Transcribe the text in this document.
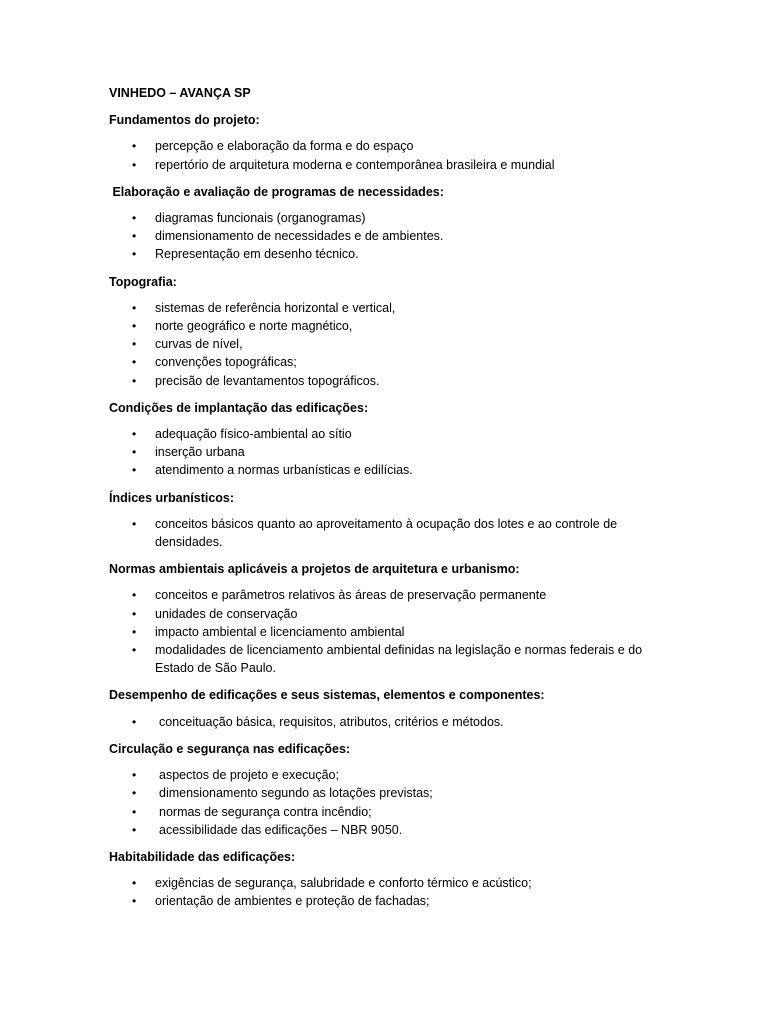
VINHEDO – AVANÇA SP
Fundamentos do projeto:
• percepção e elaboração da forma e do espaço
• repertório de arquitetura moderna e contemporânea brasileira e mundial
Elaboração e avaliação de programas de necessidades:
• diagramas funcionais (organogramas)
• dimensionamento de necessidades e de ambientes.
• Representação em desenho técnico.
Topografia:
• sistemas de referência horizontal e vertical,
• norte geográfico e norte magnético,
• curvas de nível,
• convenções topográficas;
• precisão de levantamentos topográficos.
Condições de implantação das edificações:
• adequação físico-ambiental ao sítio
• inserção urbana
• atendimento a normas urbanísticas e edilícias.
Índices urbanísticos:
• conceitos básicos quanto ao aproveitamento à ocupação dos lotes e ao controle de densidades.
Normas ambientais aplicáveis a projetos de arquitetura e urbanismo:
• conceitos e parâmetros relativos às áreas de preservação permanente
• unidades de conservação
• impacto ambiental e licenciamento ambiental
• modalidades de licenciamento ambiental definidas na legislação e normas federais e do Estado de São Paulo.
Desempenho de edificações e seus sistemas, elementos e componentes:
• conceituação básica, requisitos, atributos, critérios e métodos.
Circulação e segurança nas edificações:
• aspectos de projeto e execução;
• dimensionamento segundo as lotações previstas;
• normas de segurança contra incêndio;
• acessibilidade das edificações – NBR 9050.
Habitabilidade das edificações:
• exigências de segurança, salubridade e conforto térmico e acústico;
• orientação de ambientes e proteção de fachadas;
